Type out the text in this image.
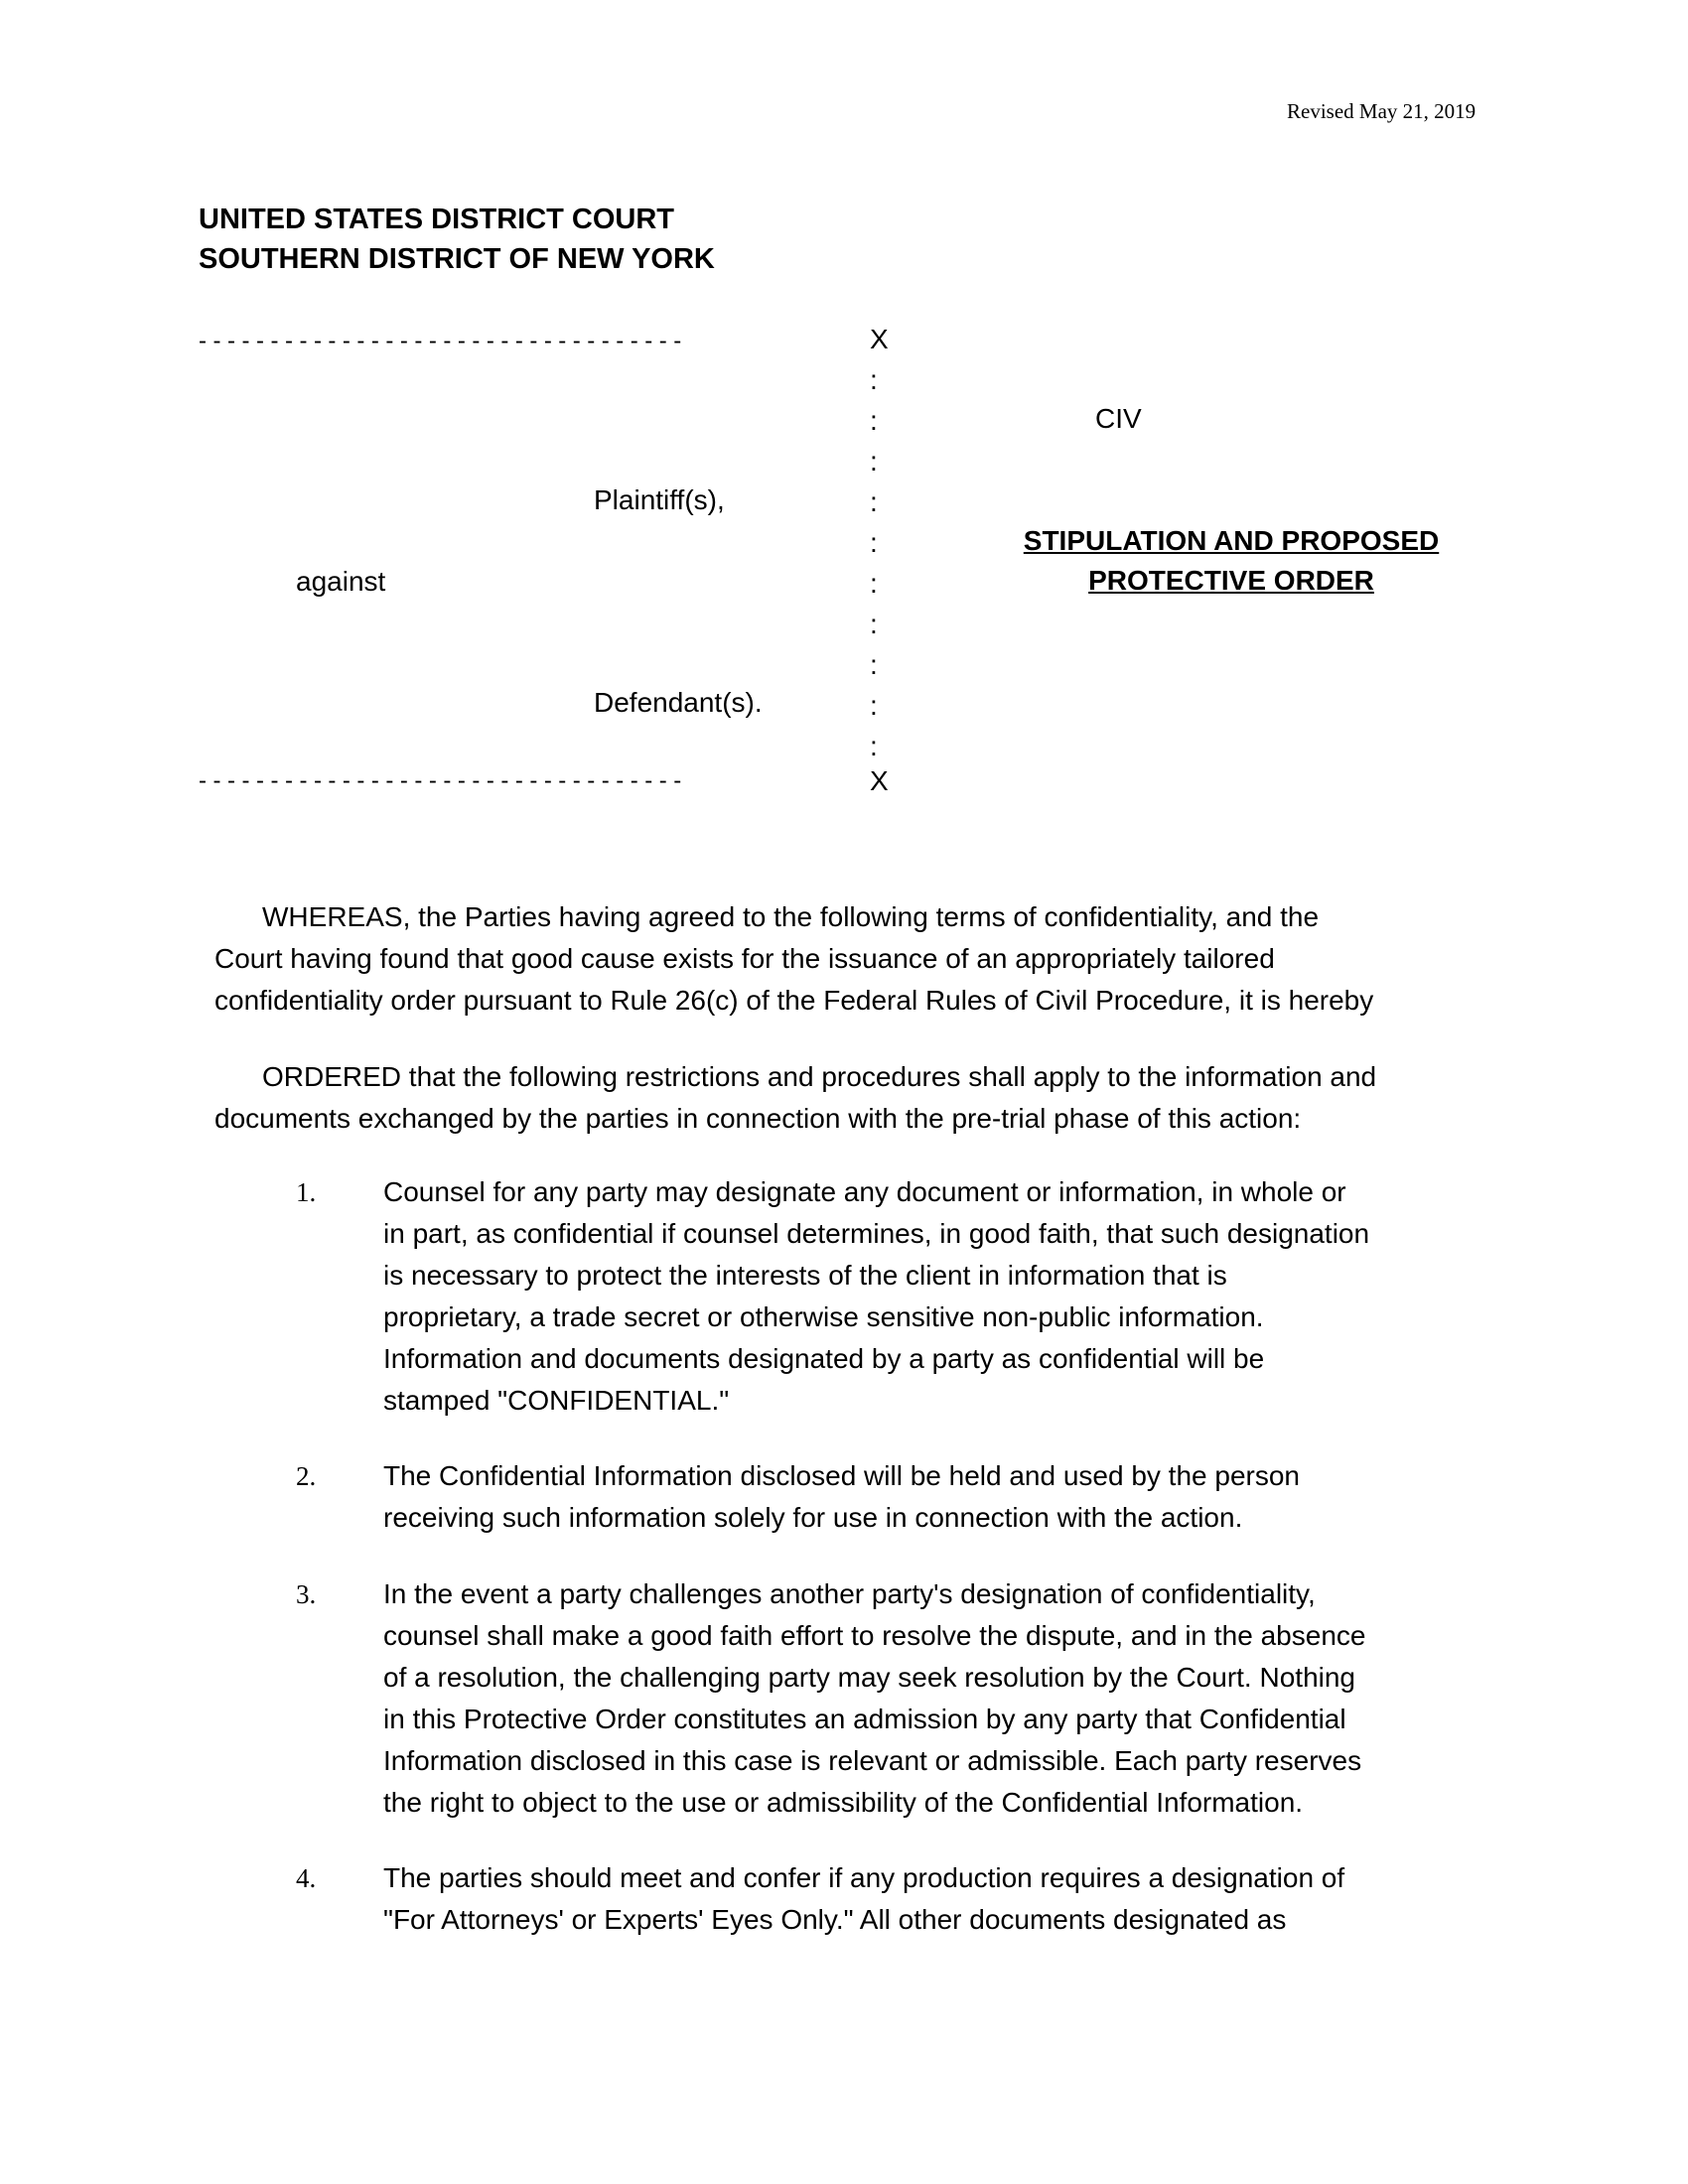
Revised May 21, 2019
UNITED STATES DISTRICT COURT
SOUTHERN DISTRICT OF NEW YORK
----------------------------------
----------------------------------
X
:
:
:
:
:
:
:
:
:
:
X
CIV
Plaintiff(s),
against
Defendant(s).
STIPULATION AND PROPOSED
PROTECTIVE ORDER
WHEREAS, the Parties having agreed to the following terms of confidentiality, and the
Court having found that good cause exists for the issuance of an appropriately tailored
confidentiality order pursuant to Rule 26(c) of the Federal Rules of Civil Procedure, it is hereby
ORDERED that the following restrictions and procedures shall apply to the information and
documents exchanged by the parties in connection with the pre-trial phase of this action:
1. Counsel for any party may designate any document or information, in whole or
in part, as confidential if counsel determines, in good faith, that such designation
is necessary to protect the interests of the client in information that is
proprietary, a trade secret or otherwise sensitive non-public information.
Information and documents designated by a party as confidential will be
stamped "CONFIDENTIAL."
2. The Confidential Information disclosed will be held and used by the person
receiving such information solely for use in connection with the action.
3. In the event a party challenges another party's designation of confidentiality,
counsel shall make a good faith effort to resolve the dispute, and in the absence
of a resolution, the challenging party may seek resolution by the Court. Nothing
in this Protective Order constitutes an admission by any party that Confidential
Information disclosed in this case is relevant or admissible. Each party reserves
the right to object to the use or admissibility of the Confidential Information.
4. The parties should meet and confer if any production requires a designation of
"For Attorneys' or Experts' Eyes Only." All other documents designated as
